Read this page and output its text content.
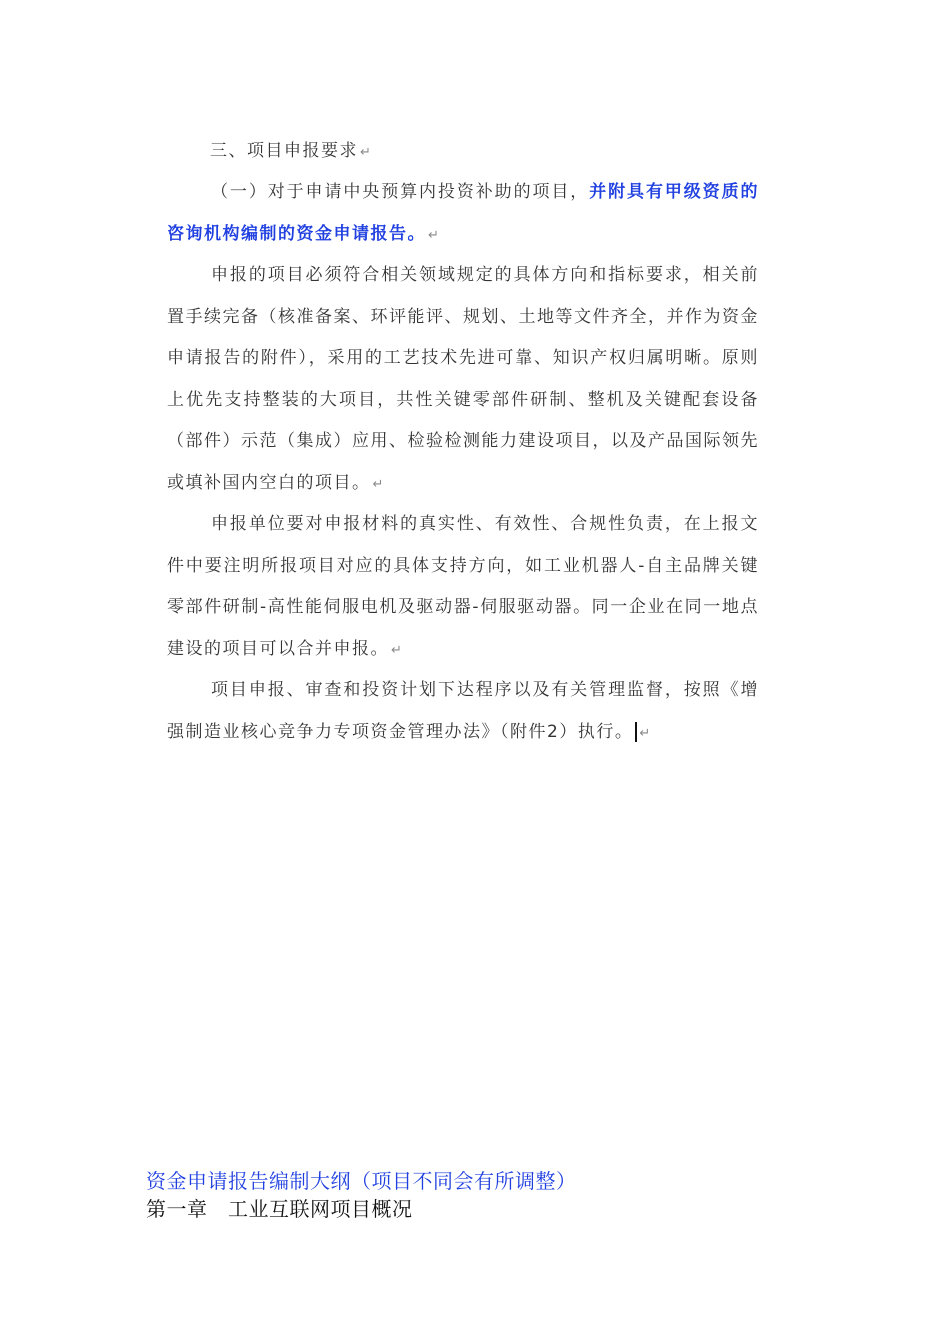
三、项目申报要求 ↵

（一）对于申请中央预算内投资补助的项目，并附具有甲级资质的咨询机构编制的资金申请报告。 ↵

申报的项目必须符合相关领域规定的具体方向和指标要求，相关前置手续完备（核准备案、环评能评、规划、土地等文件齐全，并作为资金申请报告的附件），采用的工艺技术先进可靠、知识产权归属明晰。原则上优先支持整装的大项目，共性关键零部件研制、整机及关键配套设备（部件）示范（集成）应用、检验检测能力建设项目，以及产品国际领先或填补国内空白的项目。 ↵

申报单位要对申报材料的真实性、有效性、合规性负责，在上报文件中要注明所报项目对应的具体支持方向，如工业机器人-自主品牌关键零部件研制-高性能伺服电机及驱动器-伺服驱动器。同一企业在同一地点建设的项目可以合并申报。 ↵

项目申报、审查和投资计划下达程序以及有关管理监督，按照《增强制造业核心竞争力专项资金管理办法》（附件2）执行。 ↵

资金申请报告编制大纲（项目不同会有所调整）
第一章　工业互联网项目概况
